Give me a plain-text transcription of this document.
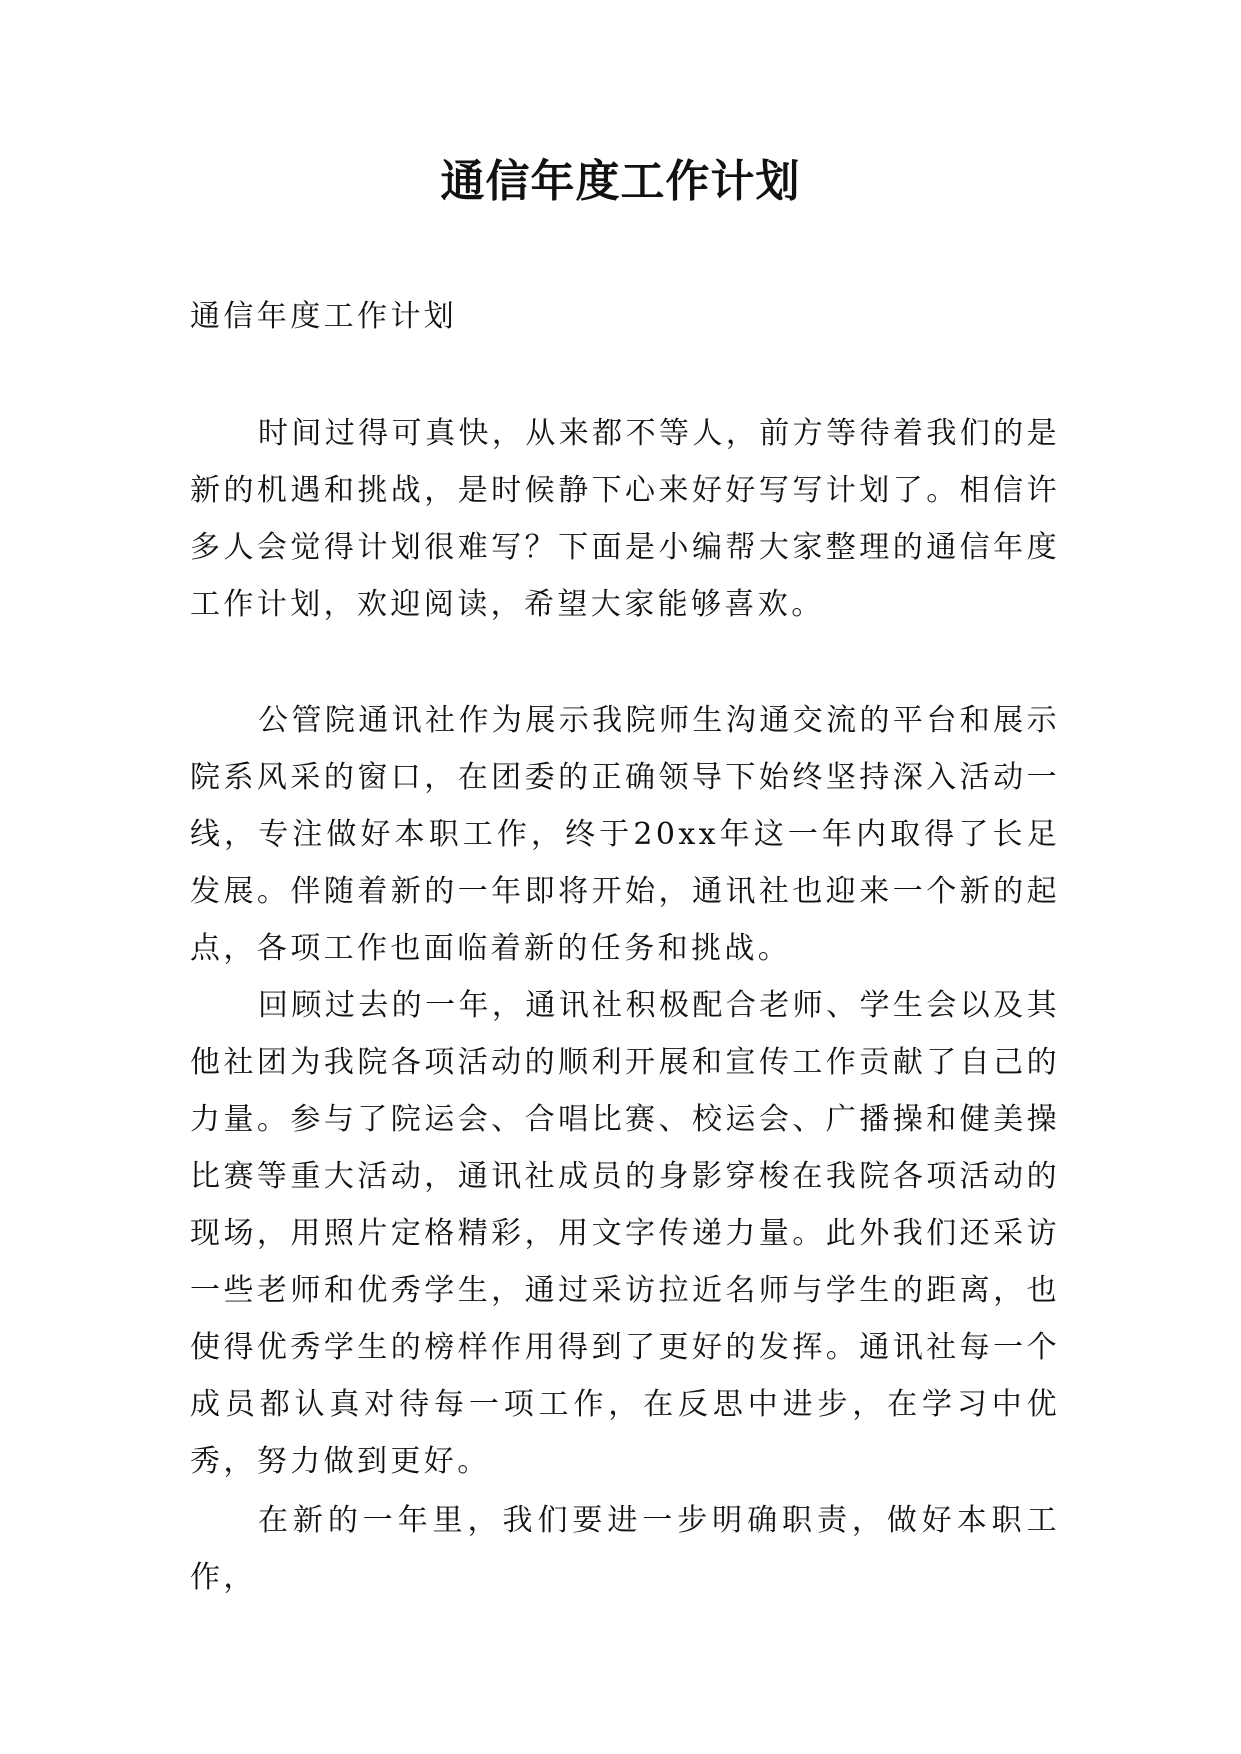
通信年度工作计划

通信年度工作计划

时间过得可真快，从来都不等人，前方等待着我们的是新的机遇和挑战，是时候静下心来好好写写计划了。相信许多人会觉得计划很难写？下面是小编帮大家整理的通信年度工作计划，欢迎阅读，希望大家能够喜欢。

公管院通讯社作为展示我院师生沟通交流的平台和展示院系风采的窗口，在团委的正确领导下始终坚持深入活动一线，专注做好本职工作，终于20xx年这一年内取得了长足发展。伴随着新的一年即将开始，通讯社也迎来一个新的起点，各项工作也面临着新的任务和挑战。

回顾过去的一年，通讯社积极配合老师、学生会以及其他社团为我院各项活动的顺利开展和宣传工作贡献了自己的力量。参与了院运会、合唱比赛、校运会、广播操和健美操比赛等重大活动，通讯社成员的身影穿梭在我院各项活动的现场，用照片定格精彩，用文字传递力量。此外我们还采访一些老师和优秀学生，通过采访拉近名师与学生的距离，也使得优秀学生的榜样作用得到了更好的发挥。通讯社每一个成员都认真对待每一项工作，在反思中进步，在学习中优秀，努力做到更好。

在新的一年里，我们要进一步明确职责，做好本职工作，
